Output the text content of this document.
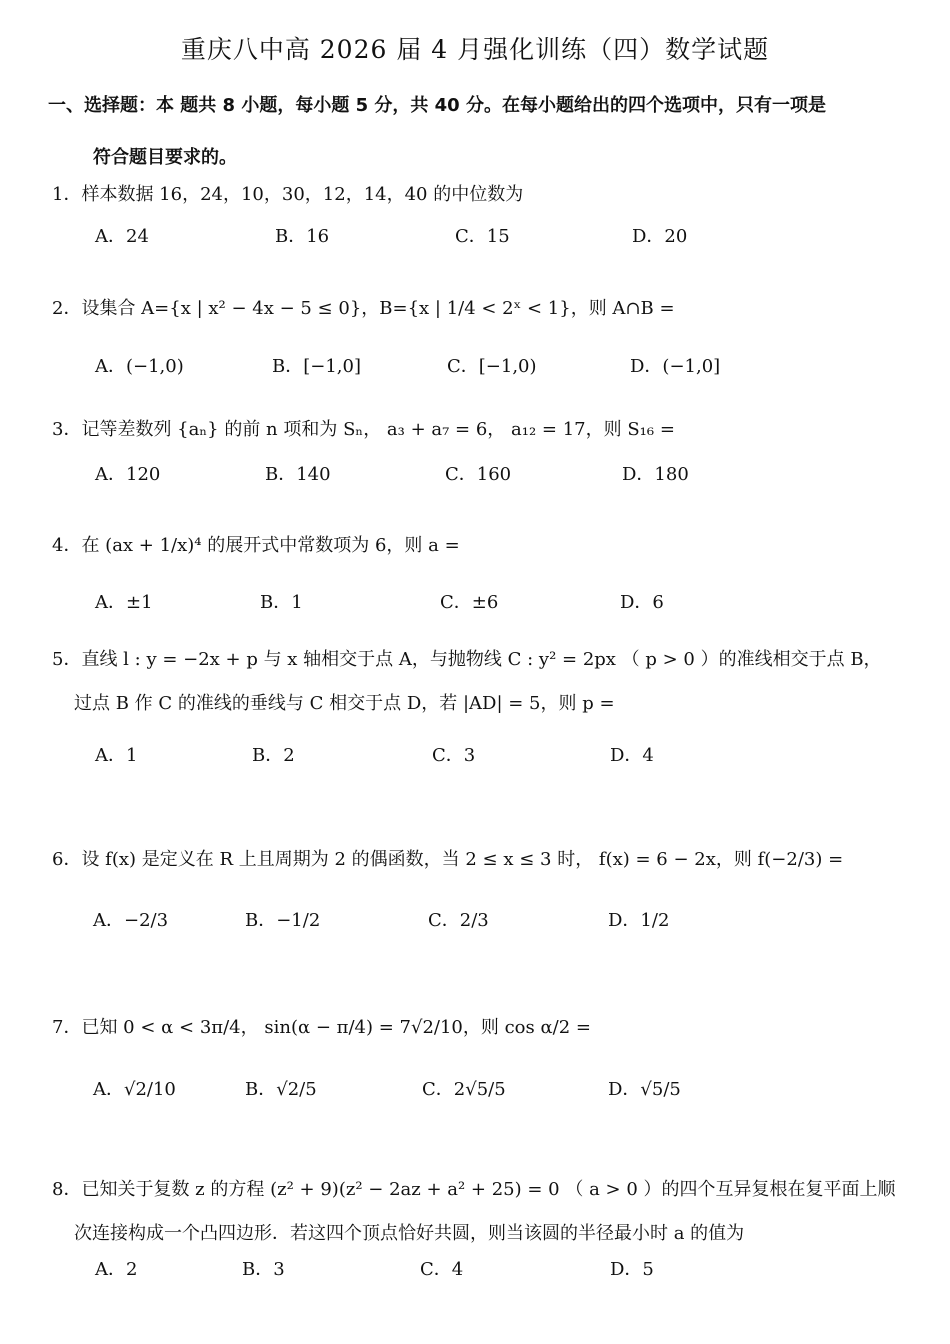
重庆八中高 2026 届 4 月强化训练（四）数学试题
一、选择题：本 题共 8 小题，每小题 5 分，共 40 分。在每小题给出的四个选项中，只有一项是
符合题目要求的。
1．样本数据 16，24，10，30，12，14，40 的中位数为
A．24	B．16	C．15	D．20
2．设集合 A={x | x² − 4x − 5 ≤ 0}，B={x | 1/4 < 2ˣ < 1}，则 A∩B =
A．(−1,0)	B．[−1,0]	C．[−1,0)	D．(−1,0]
3．记等差数列 {aₙ} 的前 n 项和为 Sₙ， a₃ + a₇ = 6， a₁₂ = 17，则 S₁₆ =
A．120	B．140	C．160	D．180
4．在 (ax + 1/x)⁴ 的展开式中常数项为 6，则 a =
A．±1	B．1	C．±6	D．6
5．直线 l : y = −2x + p 与 x 轴相交于点 A，与抛物线 C : y² = 2px （ p > 0 ）的准线相交于点 B，
过点 B 作 C 的准线的垂线与 C 相交于点 D，若 |AD| = 5，则 p =
A．1	B．2	C．3	D．4
6．设 f(x) 是定义在 R 上且周期为 2 的偶函数，当 2 ≤ x ≤ 3 时， f(x) = 6 − 2x，则 f(−2/3) =
A．−2/3	B．−1/2	C．2/3	D．1/2
7．已知 0 < α < 3π/4， sin(α − π/4) = 7√2/10，则 cos α/2 =
A．√2/10	B．√2/5	C．2√5/5	D．√5/5
8．已知关于复数 z 的方程 (z² + 9)(z² − 2az + a² + 25) = 0 （ a > 0 ）的四个互异复根在复平面上顺
次连接构成一个凸四边形．若这四个顶点恰好共圆，则当该圆的半径最小时 a 的值为
A．2	B．3	C．4	D．5
